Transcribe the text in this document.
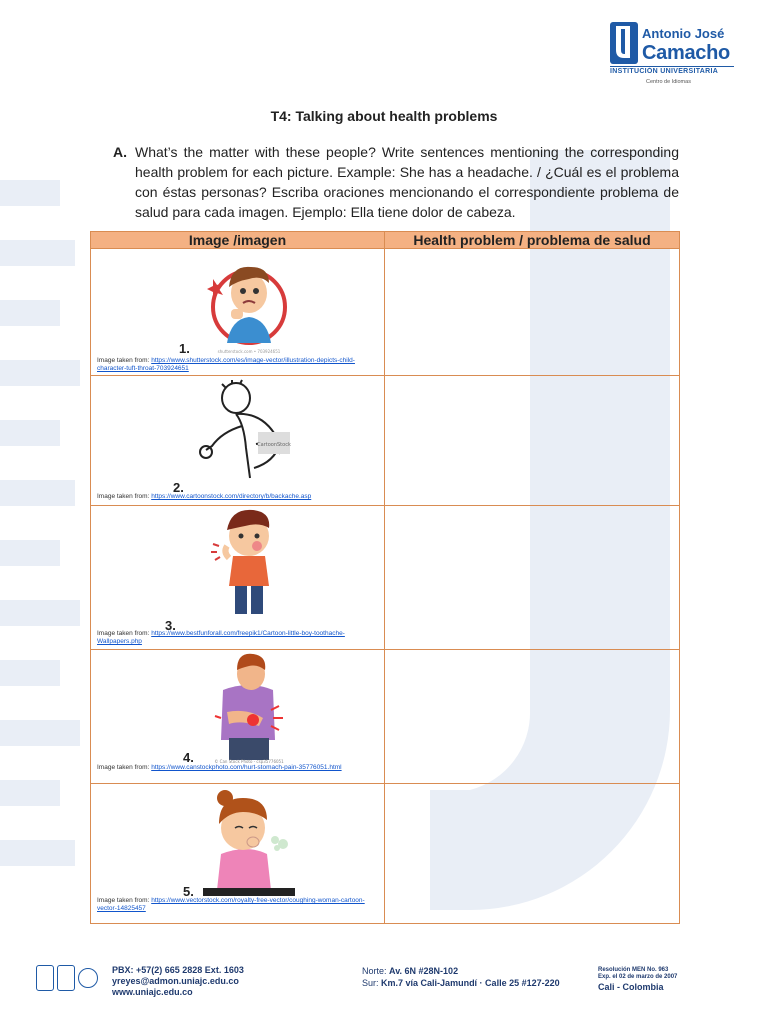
Antonio José
Camacho
INSTITUCIÓN UNIVERSITARIA
Centro de Idiomas
T4: Talking about health problems
A. What’s the matter with these people? Write sentences mentioning the corresponding health problem for each picture. Example: She has a headache. / ¿Cuál es el problema con éstas personas? Escriba oraciones mencionando el correspondiente problema de salud para cada imagen. Ejemplo: Ella tiene dolor de cabeza.
Image /imagen	Health problem / problema de salud

shutterstock.com • 703924651
1.
Image taken from: https://www.shutterstock.com/es/image-vector/illustration-depicts-child-character-tuft-throat-703924651	

CartoonStock
2.
Image taken from: https://www.cartoonstock.com/directory/b/backache.asp	

3.
Image taken from: https://www.bestfunforall.com/freepik1/Cartoon-little-boy-toothache-Wallpapers.php	

© Can Stock Photo - csp35776051
4.
Image taken from: https://www.canstockphoto.com/hurt-stomach-pain-35776051.html	

5.
Image taken from: https://www.vectorstock.com/royalty-free-vector/coughing-woman-cartoon-vector-14825457	

PBX: +57(2) 665 2828 Ext. 1603
yreyes@admon.uniajc.edu.co
www.uniajc.edu.co
Norte: Av. 6N #28N-102
Sur: Km.7 vía Cali-Jamundí · Calle 25 #127-220
Resolución MEN No. 963
Exp. el 02 de marzo de 2007
Cali - Colombia
